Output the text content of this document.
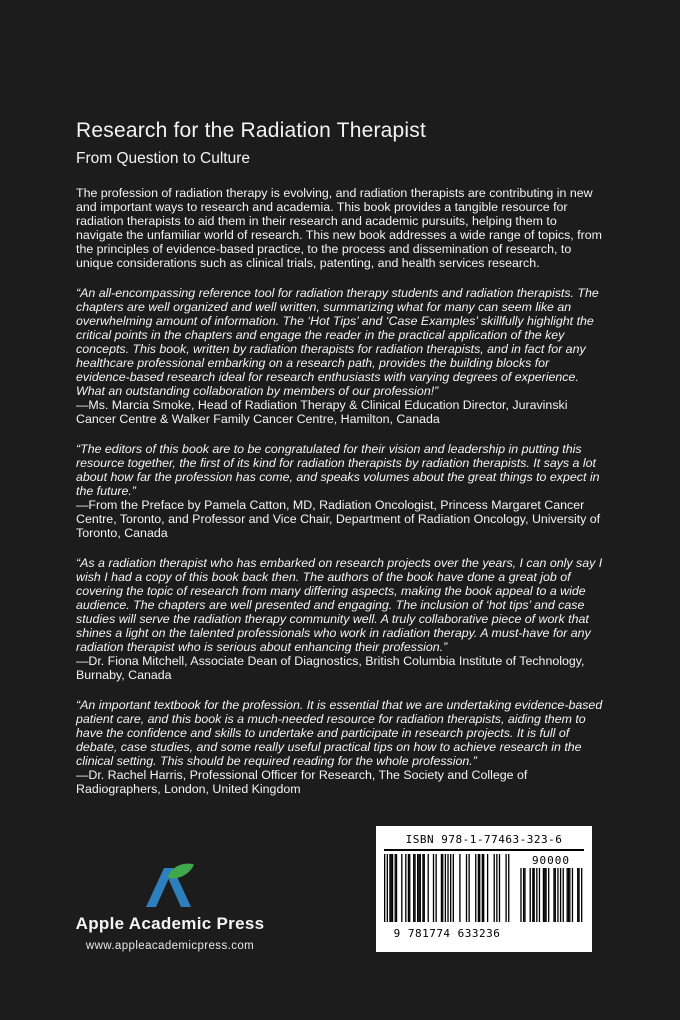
Research for the Radiation Therapist
From Question to Culture

The profession of radiation therapy is evolving, and radiation therapists are contributing in new and important ways to research and academia. This book provides a tangible resource for radiation therapists to aid them in their research and academic pursuits, helping them to navigate the unfamiliar world of research. This new book addresses a wide range of topics, from the principles of evidence-based practice, to the process and dissemination of research, to unique considerations such as clinical trials, patenting, and health services research.

“An all-encompassing reference tool for radiation therapy students and radiation therapists. The chapters are well organized and well written, summarizing what for many can seem like an overwhelming amount of information. The ‘Hot Tips’ and ‘Case Examples’ skillfully highlight the critical points in the chapters and engage the reader in the practical application of the key concepts. This book, written by radiation therapists for radiation therapists, and in fact for any healthcare professional embarking on a research path, provides the building blocks for evidence-based research ideal for research enthusiasts with varying degrees of experience. What an outstanding collaboration by members of our profession!”

—Ms. Marcia Smoke, Head of Radiation Therapy & Clinical Education Director, Juravinski Cancer Centre & Walker Family Cancer Centre, Hamilton, Canada

“The editors of this book are to be congratulated for their vision and leadership in putting this resource together, the first of its kind for radiation therapists by radiation therapists. It says a lot about how far the profession has come, and speaks volumes about the great things to expect in the future.”

—From the Preface by Pamela Catton, MD, Radiation Oncologist, Princess Margaret Cancer Centre, Toronto, and Professor and Vice Chair, Department of Radiation Oncology, University of Toronto, Canada

“As a radiation therapist who has embarked on research projects over the years, I can only say I wish I had a copy of this book back then. The authors of the book have done a great job of covering the topic of research from many differing aspects, making the book appeal to a wide audience. The chapters are well presented and engaging. The inclusion of ‘hot tips’ and case studies will serve the radiation therapy community well. A truly collaborative piece of work that shines a light on the talented professionals who work in radiation therapy. A must-have for any radiation therapist who is serious about enhancing their profession.”

—Dr. Fiona Mitchell, Associate Dean of Diagnostics, British Columbia Institute of Technology, Burnaby, Canada

“An important textbook for the profession. It is essential that we are undertaking evidence-based patient care, and this book is a much-needed resource for radiation therapists, aiding them to have the confidence and skills to undertake and participate in research projects. It is full of debate, case studies, and some really useful practical tips on how to achieve research in the clinical setting. This should be required reading for the whole profession.”

—Dr. Rachel Harris, Professional Officer for Research, The Society and College of Radiographers, London, United Kingdom

Apple Academic Press
www.appleacademicpress.com
ISBN 978-1-77463-323-6
9 781774 633236
90000
